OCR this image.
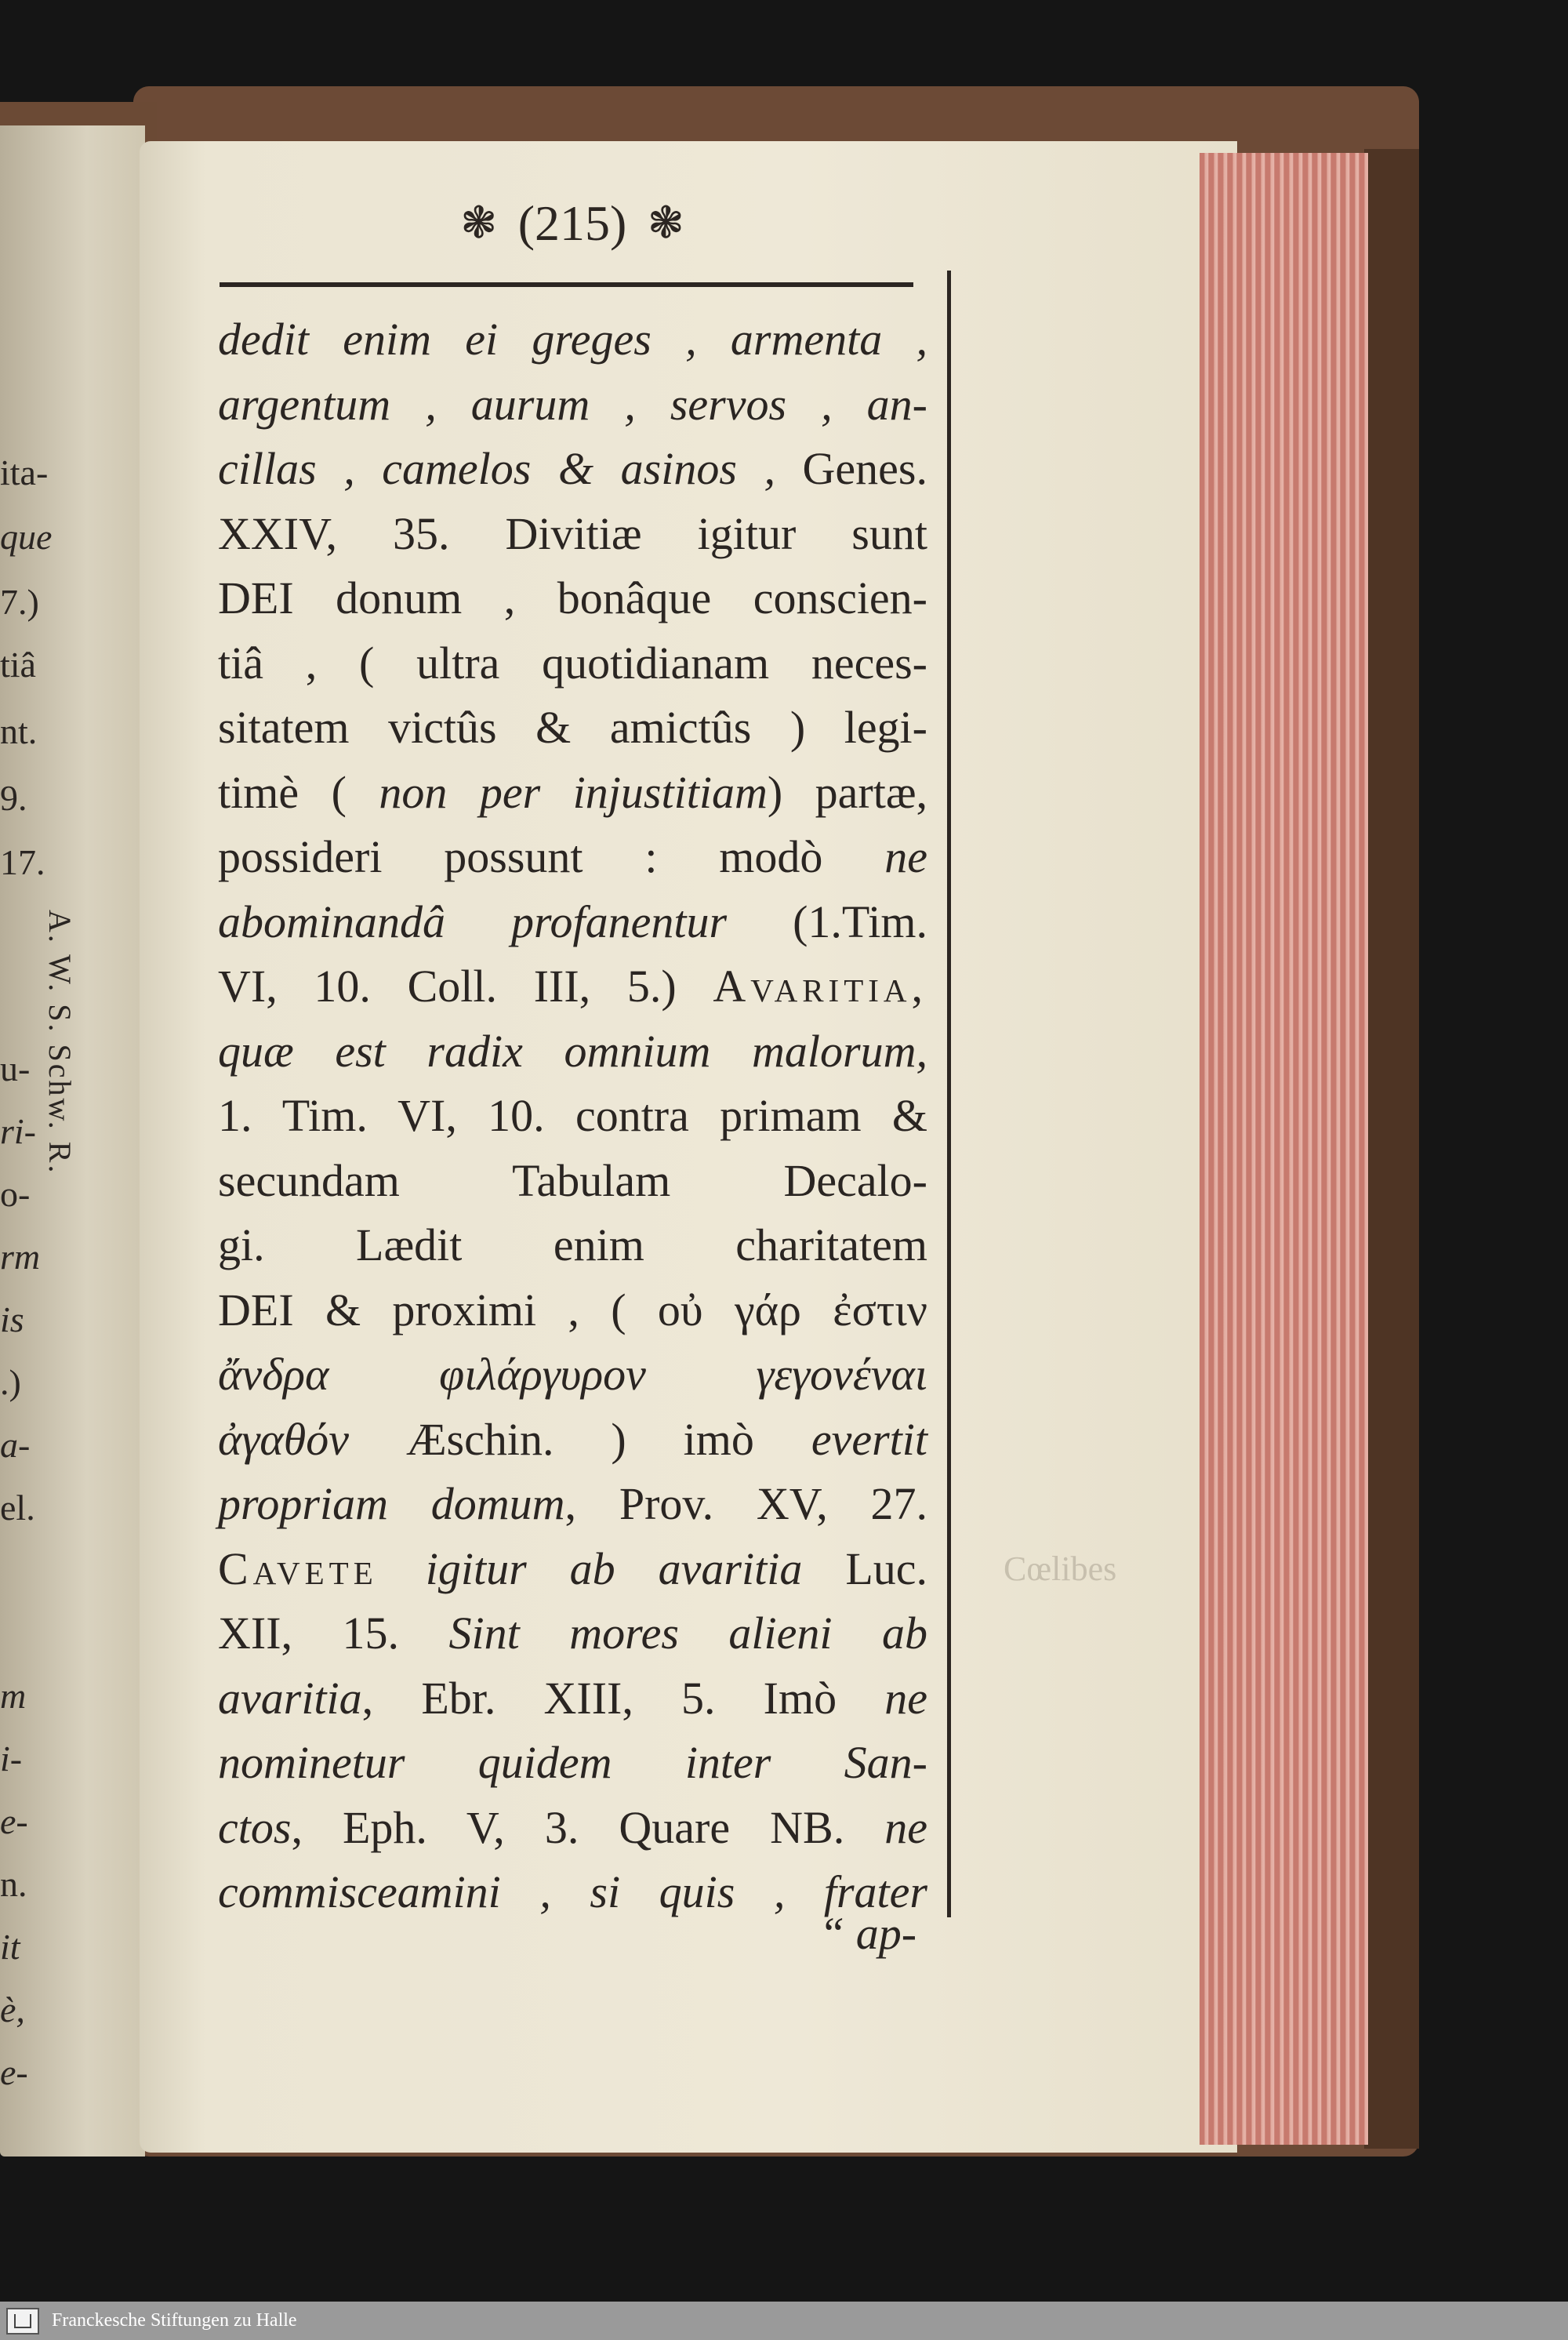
ita-
que
7.)
tiâ
nt.
9.
17.
u-
ri-
o-
rm
is
.)
a-
el.
m
i-
e-
n.
it
è,
e-
A. W. S. Schw. R.
Cœlibes
❃ (215) ❃
dedit enim ei greges , armenta ,
argentum , aurum , servos , an-
cillas , camelos & asinos , Genes.
XXIV, 35. Divitiæ igitur sunt
DEI donum , bonâque conscien-
tiâ , ( ultra quotidianam neces-
sitatem victûs & amictûs ) legi-
timè ( non per injustitiam) partæ,
possideri possunt : modò ne
abominandâ profanentur (1.Tim.
VI, 10. Coll. III, 5.) Avaritia,
quæ est radix omnium malorum,
1. Tim. VI, 10. contra primam &
secundam Tabulam Decalo-
gi. Lædit enim charitatem
DEI & proximi , ( οὐ γάρ ἐστιν
ἄνδρα φιλάργυρον γεγονέναι
ἀγαθόν Æschin. ) imò evertit
propriam domum, Prov. XV, 27.
Cavete igitur ab avaritia Luc.
XII, 15. Sint mores alieni ab
avaritia, Ebr. XIII, 5. Imò ne
nominetur quidem inter San-
ctos, Eph. V, 3. Quare NB. ne
commisceamini , si quis , frater
“ ap-
Franckesche Stiftungen zu Halle
